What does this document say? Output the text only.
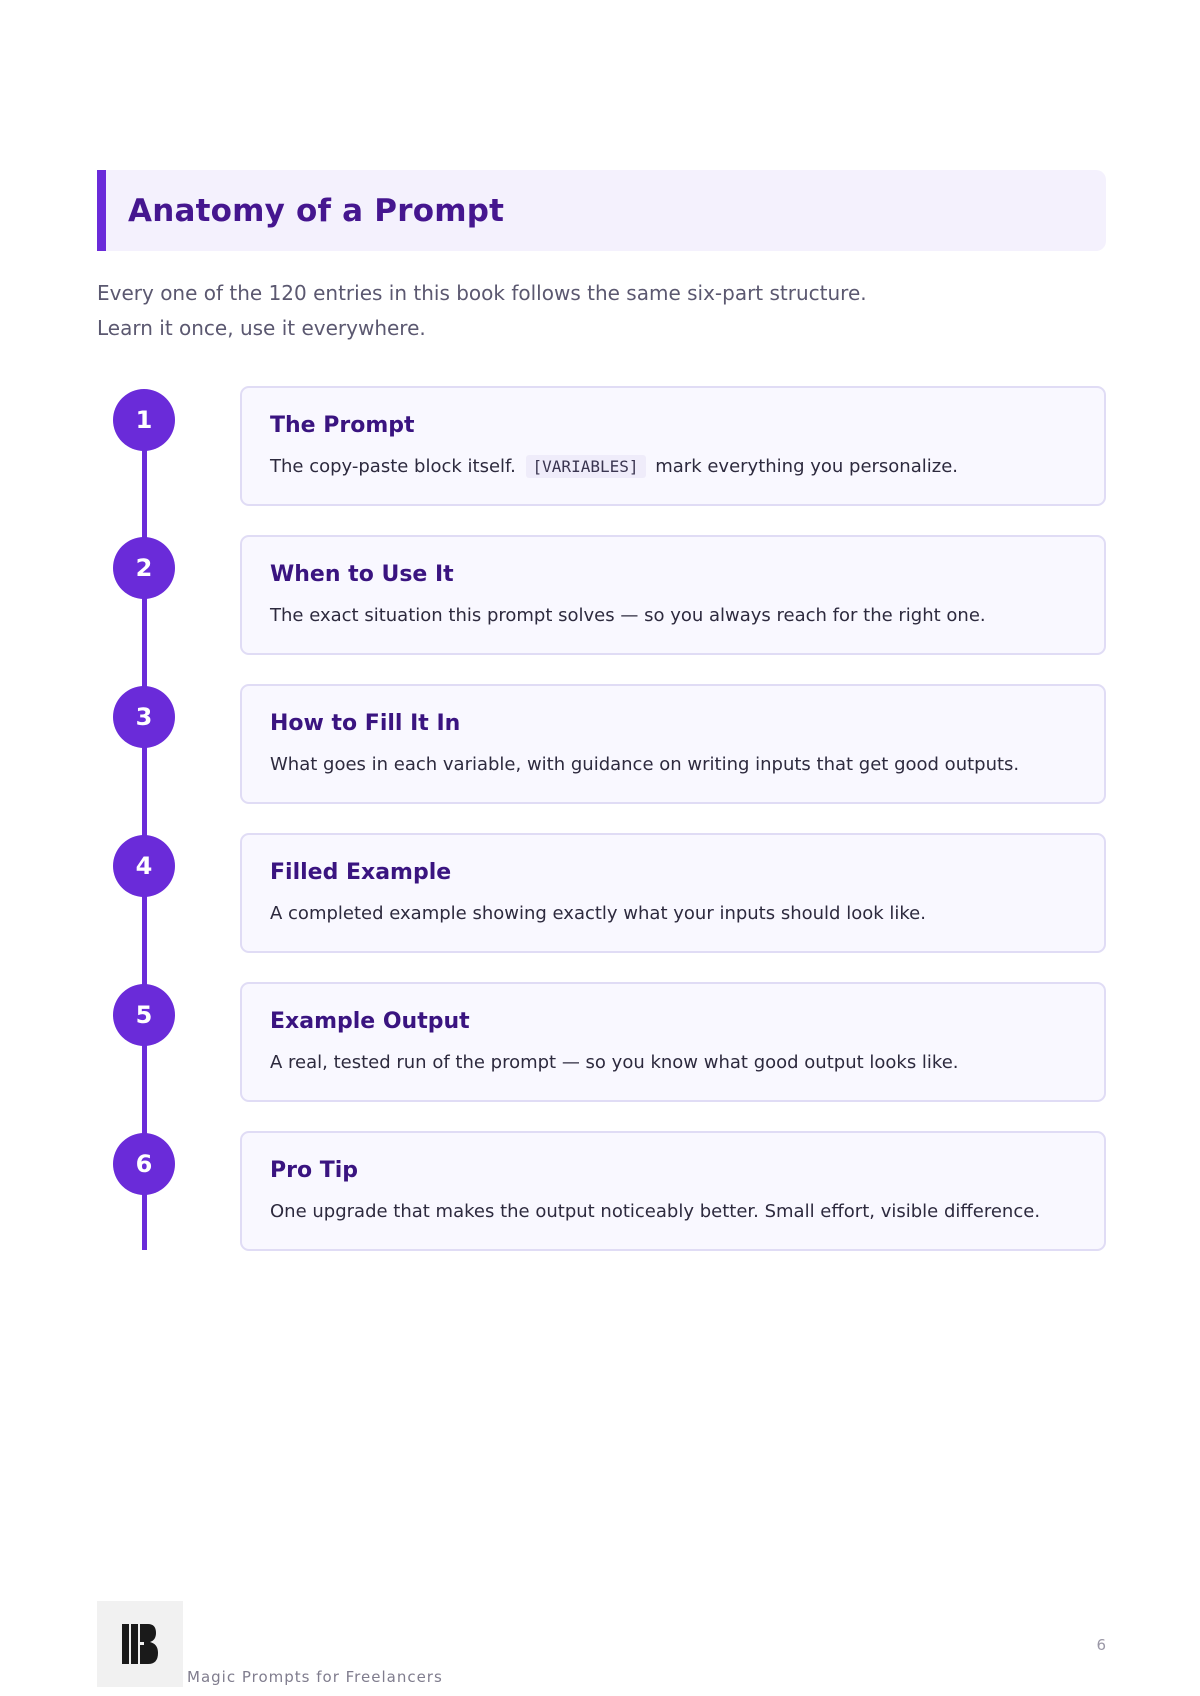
Anatomy of a Prompt

Every one of the 120 entries in this book follows the same six-part structure.

Learn it once, use it everywhere.

1	The Prompt

The copy-paste block itself. [VARIABLES] mark everything you personalize.

2	When to Use It

The exact situation this prompt solves — so you always reach for the right one.

3	How to Fill It In

What goes in each variable, with guidance on writing inputs that get good outputs.

4	Filled Example

A completed example showing exactly what your inputs should look like.

5	Example Output

A real, tested run of the prompt — so you know what good output looks like.

6	Pro Tip

One upgrade that makes the output noticeably better. Small effort, visible difference.

Magic Prompts for Freelancers
6
